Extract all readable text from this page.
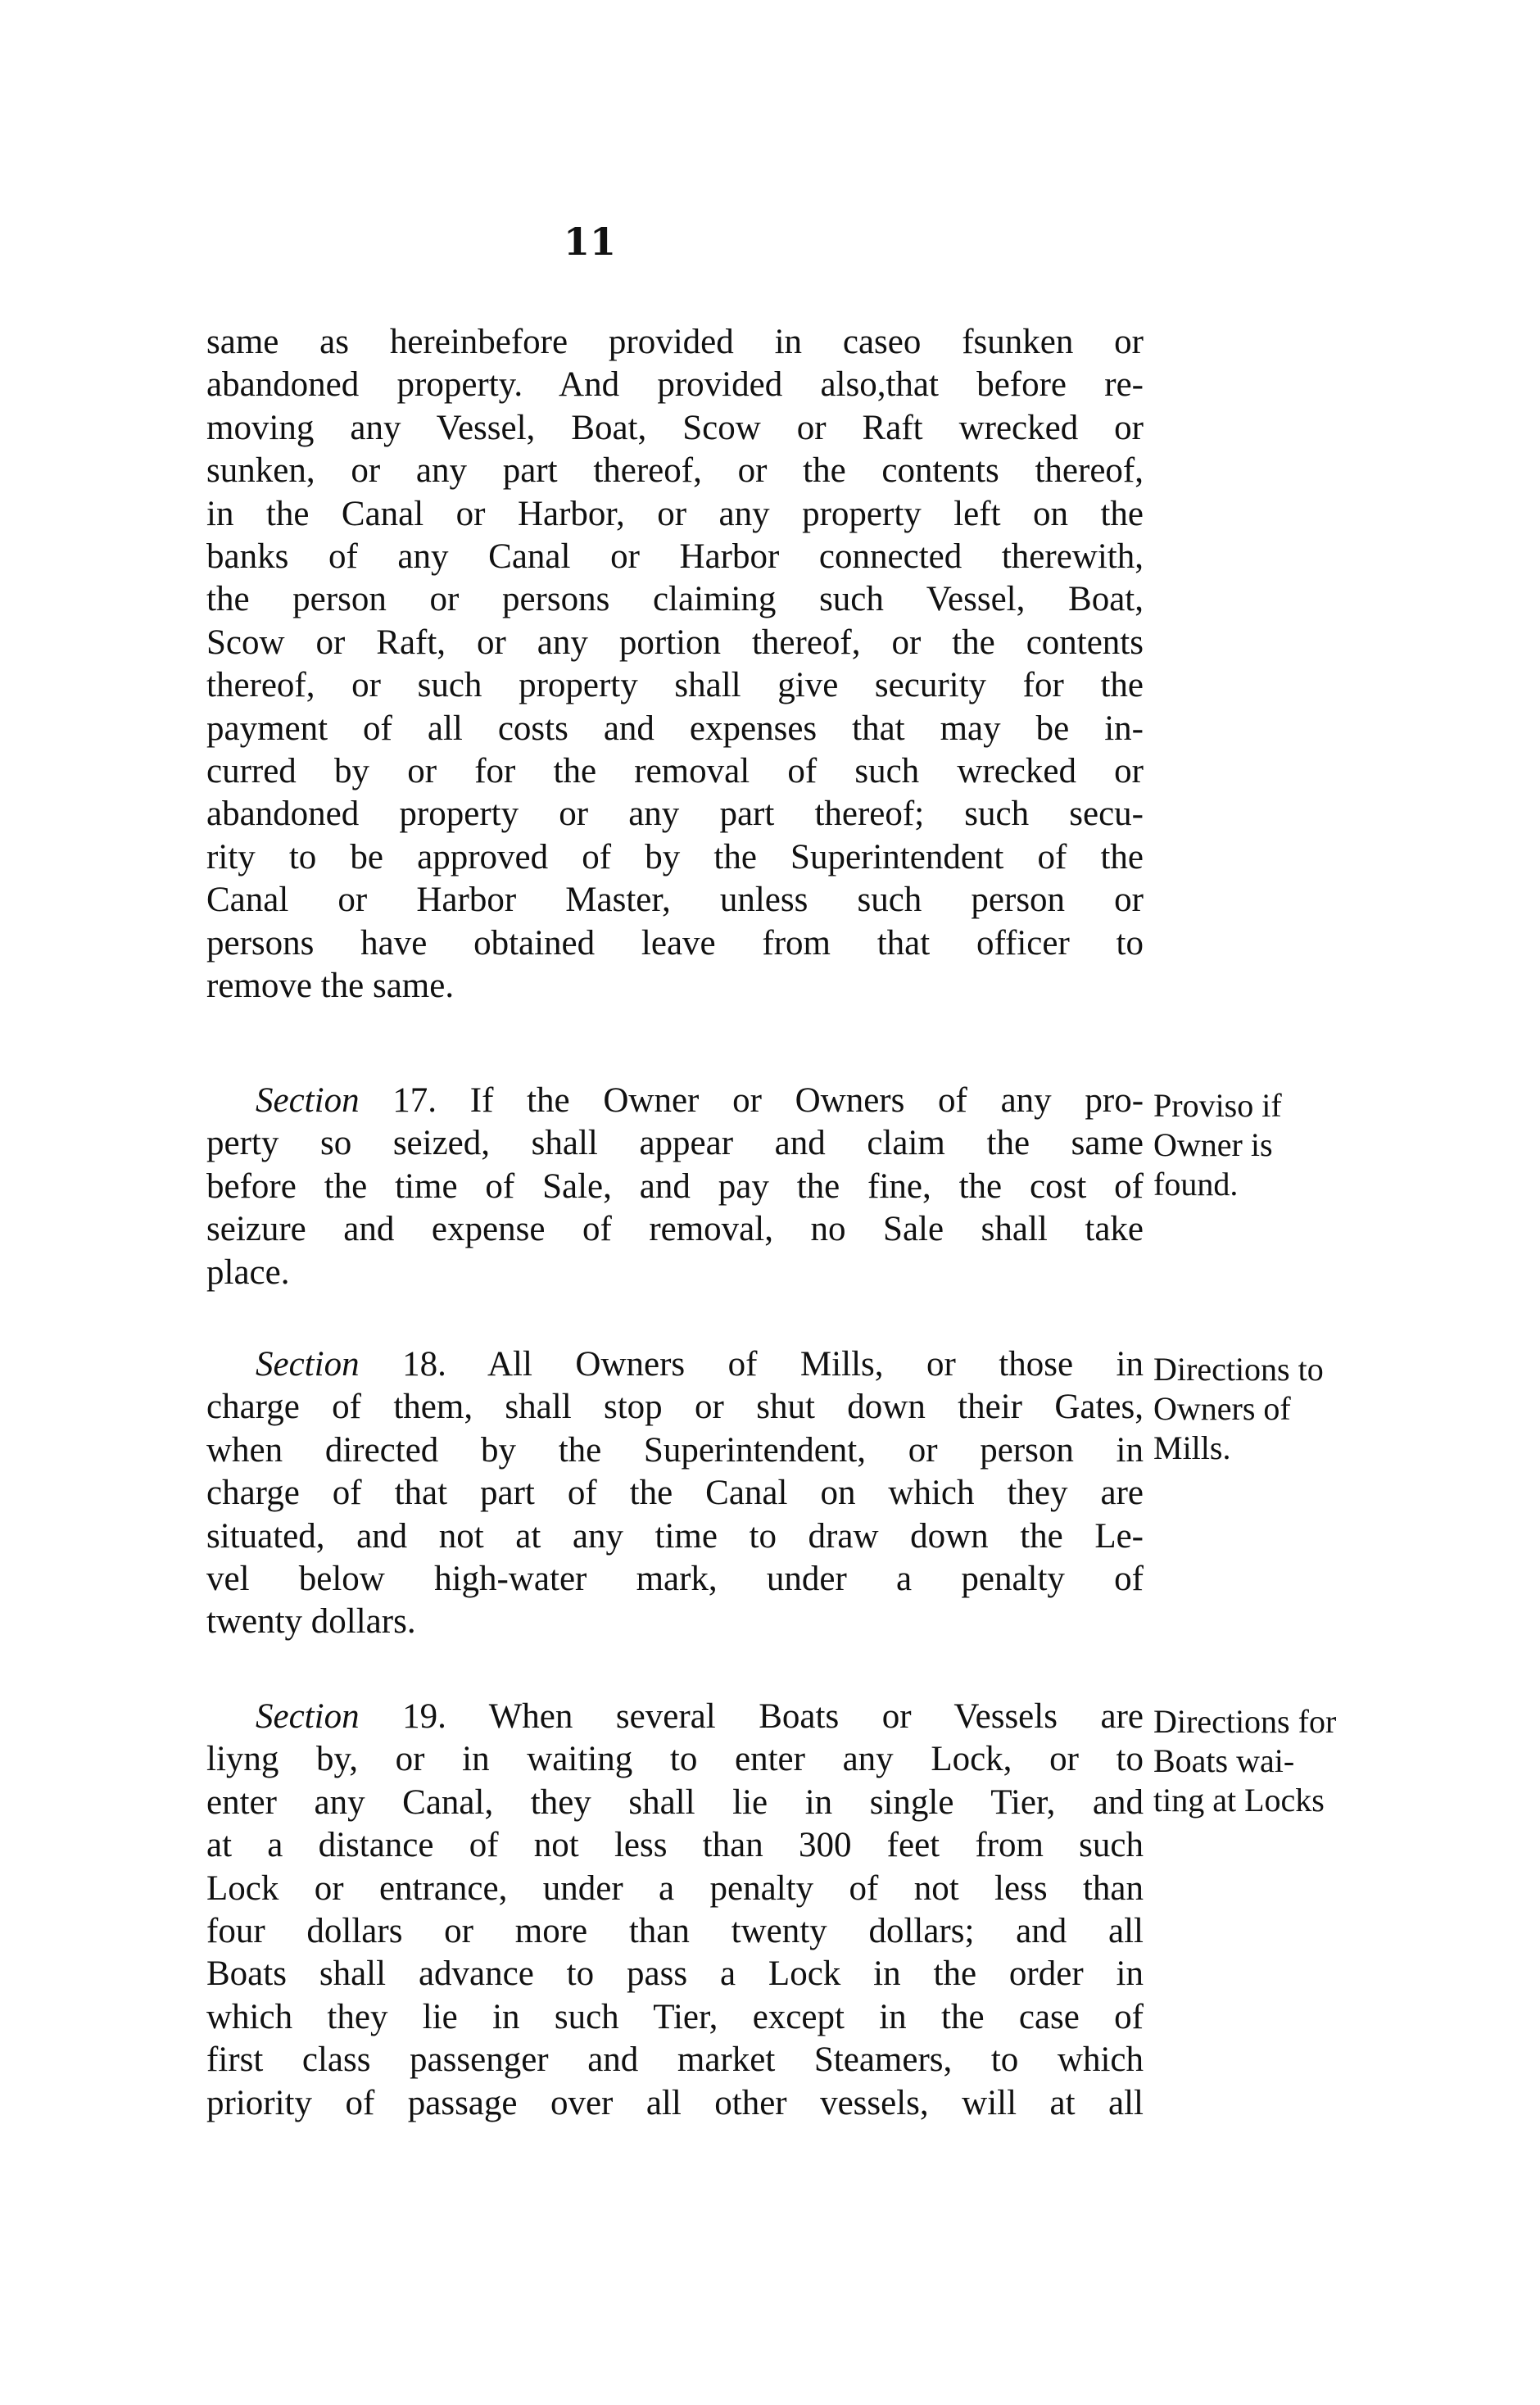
11
same as hereinbefore provided in caseo fsunken or
abandoned property. And provided also,that before re-
moving any Vessel, Boat, Scow or Raft wrecked or
sunken, or any part thereof, or the contents thereof,
in the Canal or Harbor, or any property left on the
banks of any Canal or Harbor connected therewith,
the person or persons claiming such Vessel, Boat,
Scow or Raft, or any portion thereof, or the contents
thereof, or such property shall give security for the
payment of all costs and expenses that may be in-
curred by or for the removal of such wrecked or
abandoned property or any part thereof; such secu-
rity to be approved of by the Superintendent of the
Canal or Harbor Master, unless such person or
persons have obtained leave from that officer to
remove the same.
Section 17. If the Owner or Owners of any pro-
perty so seized, shall appear and claim the same
before the time of Sale, and pay the fine, the cost of
seizure and expense of removal, no Sale shall take
place.
Proviso if
Owner is
found.
Section 18. All Owners of Mills, or those in
charge of them, shall stop or shut down their Gates,
when directed by the Superintendent, or person in
charge of that part of the Canal on which they are
situated, and not at any time to draw down the Le-
vel below high-water mark, under a penalty of
twenty dollars.
Directions to
Owners of
Mills.
Section 19. When several Boats or Vessels are
liyng by, or in waiting to enter any Lock, or to
enter any Canal, they shall lie in single Tier, and
at a distance of not less than 300 feet from such
Lock or entrance, under a penalty of not less than
four dollars or more than twenty dollars; and all
Boats shall advance to pass a Lock in the order in
which they lie in such Tier, except in the case of
first class passenger and market Steamers, to which
priority of passage over all other vessels, will at all
Directions for
Boats wai-
ting at Locks
